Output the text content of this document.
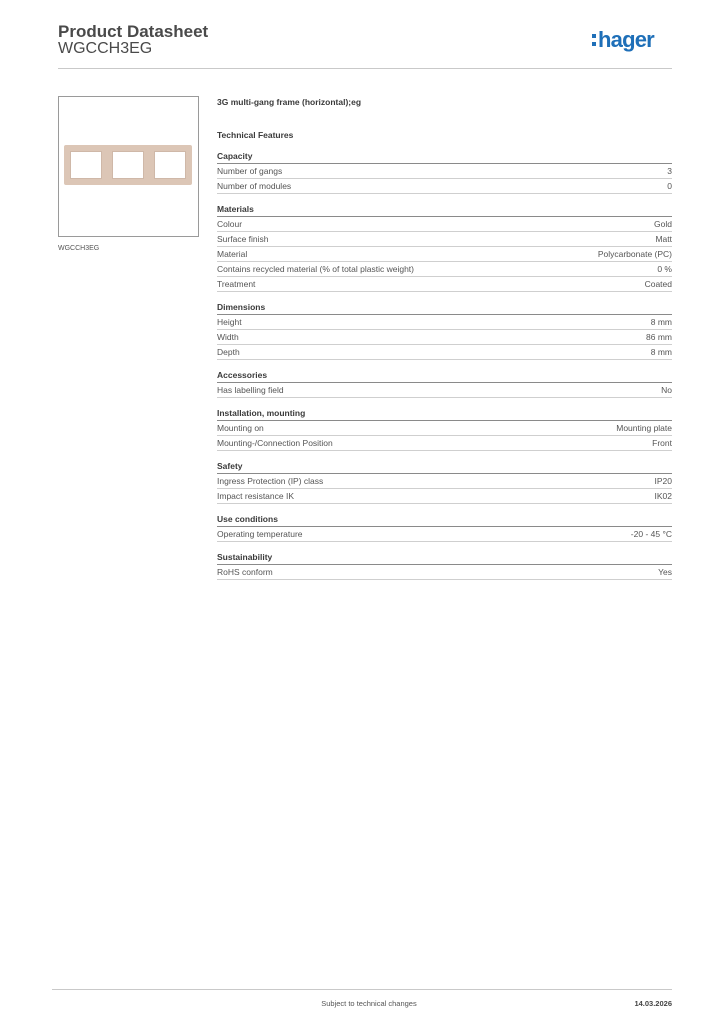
Product Datasheet
WGCCH3EG	hager
WGCCH3EG
3G multi-gang frame (horizontal);eg
Technical Features
Capacity
Number of gangs	3
Number of modules	0
Materials
Colour	Gold
Surface finish	Matt
Material	Polycarbonate (PC)
Contains recycled material (% of total plastic weight)	0 %
Treatment	Coated
Dimensions
Height	8 mm
Width	86 mm
Depth	8 mm
Accessories
Has labelling field	No
Installation, mounting
Mounting on	Mounting plate
Mounting-/Connection Position	Front
Safety
Ingress Protection (IP) class	IP20
Impact resistance IK	IK02
Use conditions
Operating temperature	-20 - 45 °C
Sustainability
RoHS conform	Yes
Subject to technical changes	14.03.2026
